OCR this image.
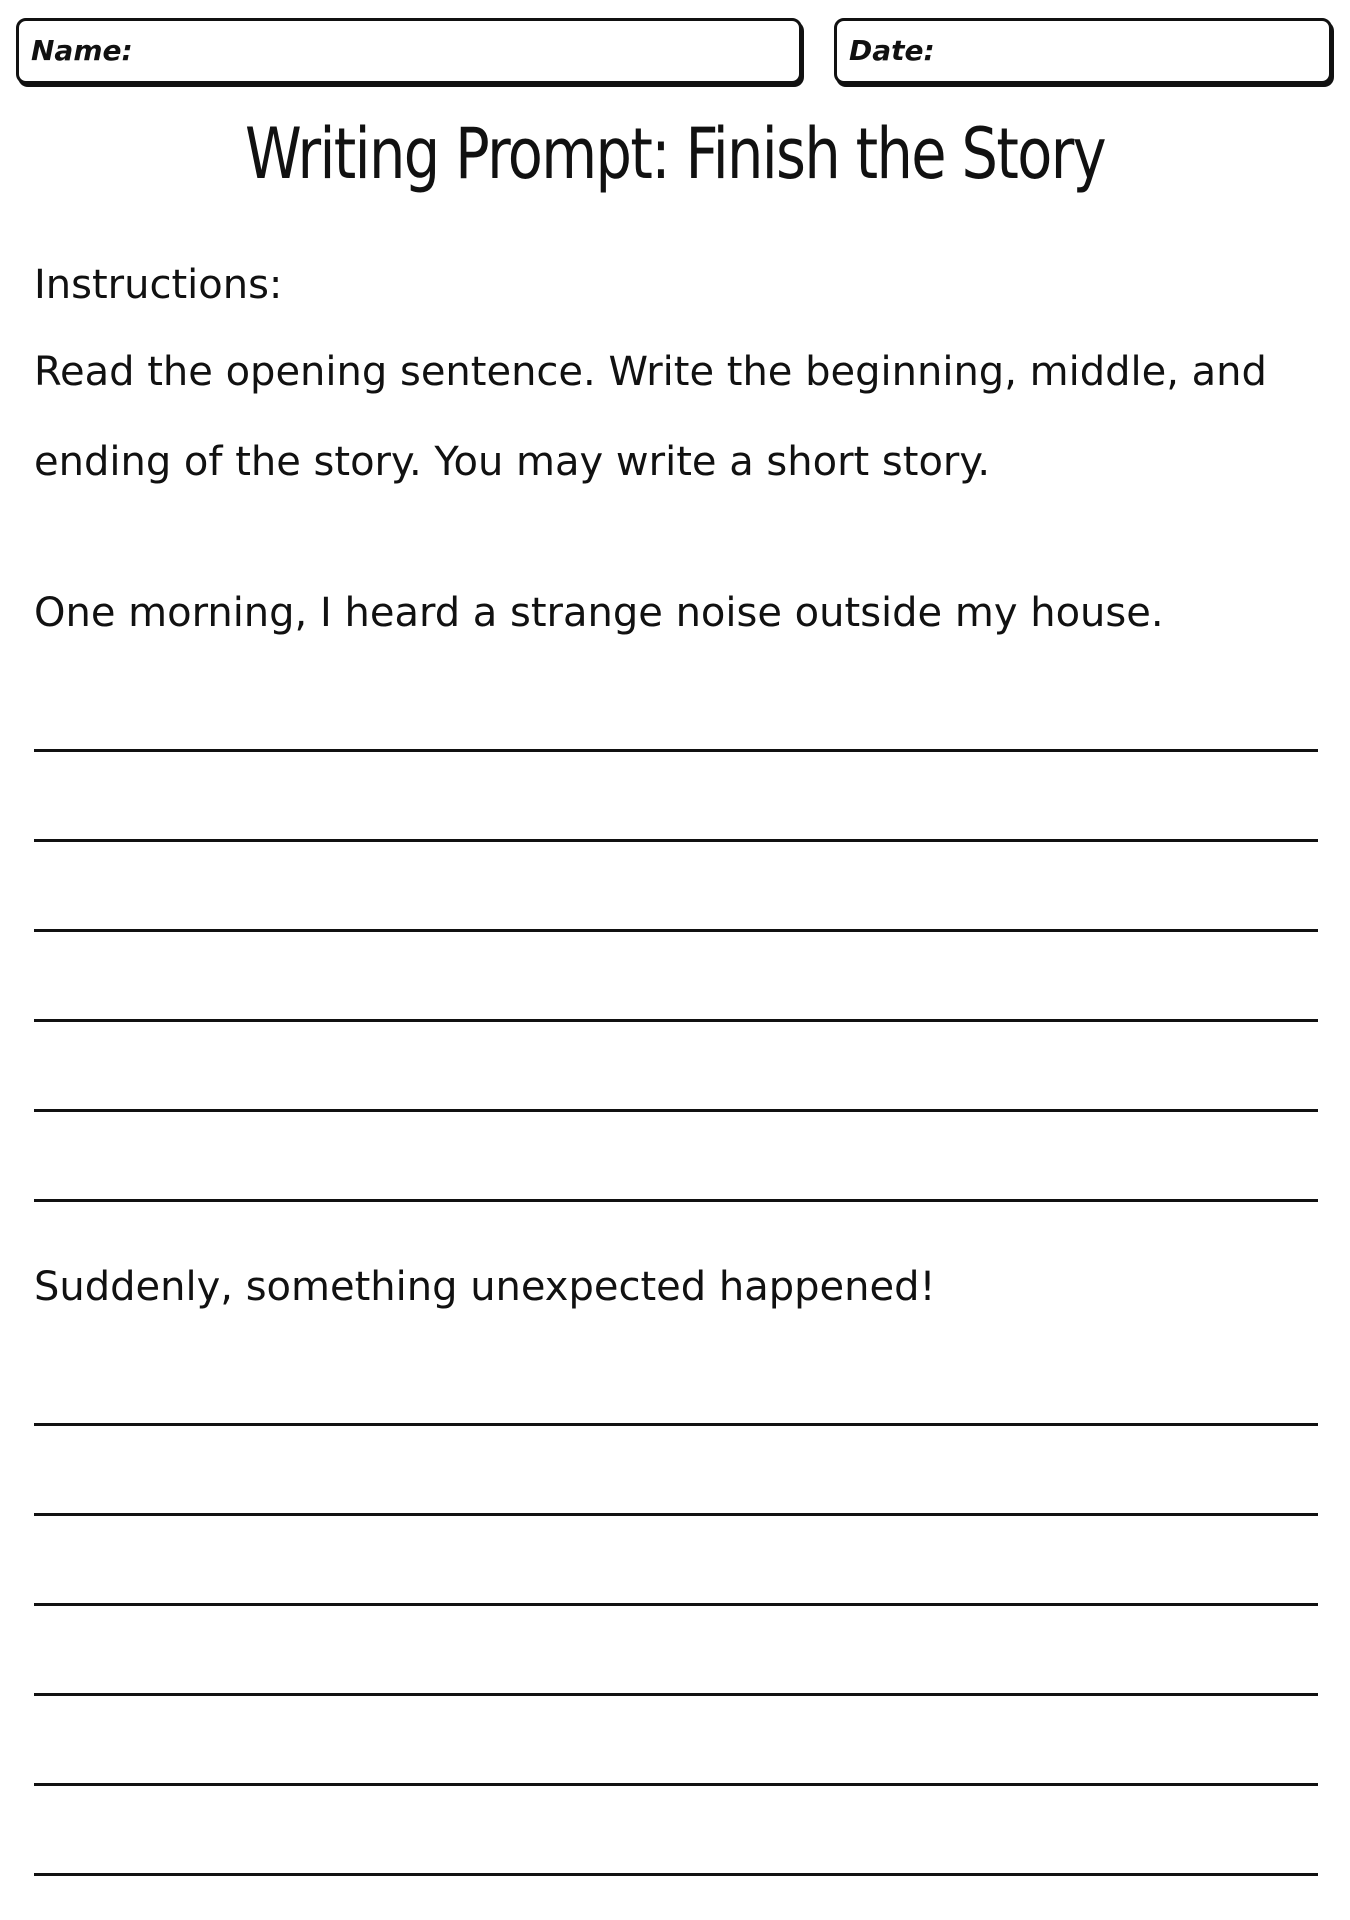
Name:	Date:
Writing Prompt: Finish the Story
Instructions:
Read the opening sentence. Write the beginning, middle, and
ending of the story. You may write a short story.
One morning, I heard a strange noise outside my house.
Suddenly, something unexpected happened!
